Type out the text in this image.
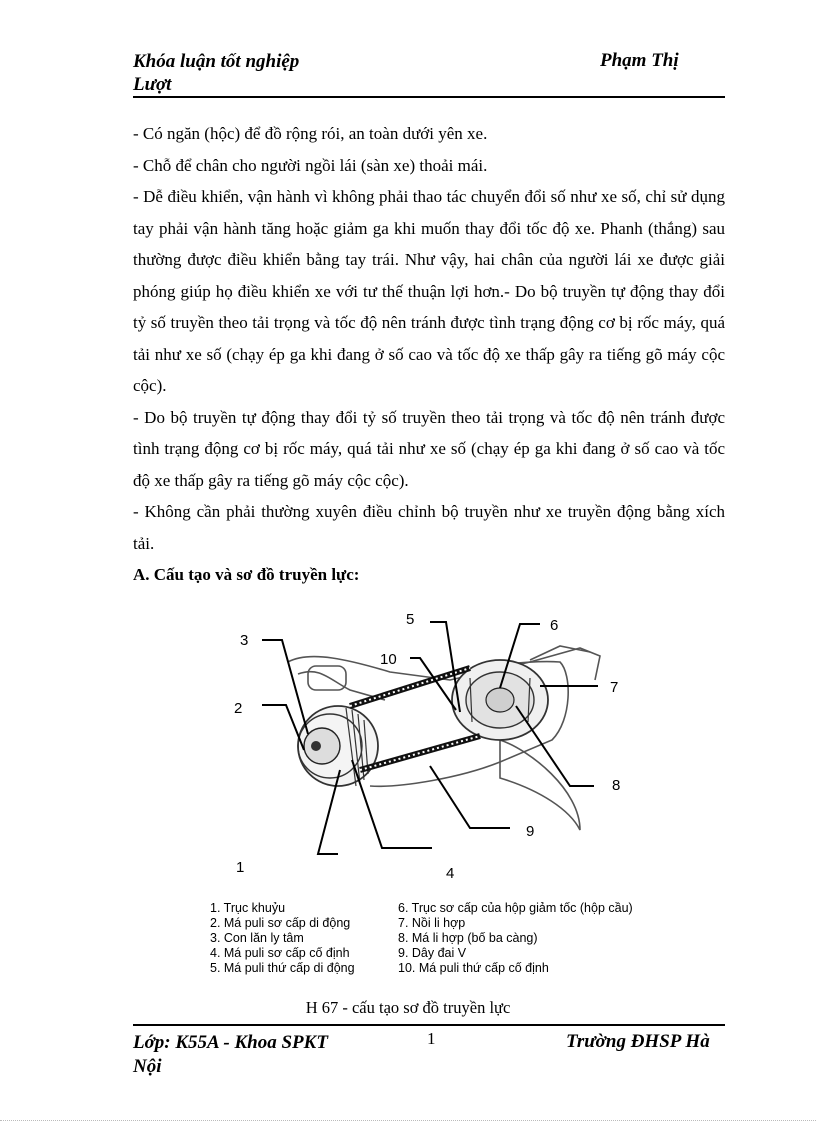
Khóa luận tốt nghiệp
Lượt
Phạm Thị

- Có ngăn (hộc) để đồ rộng rói, an toàn dưới yên xe.

- Chỗ để chân cho người ngồi lái (sàn xe) thoải mái.

- Dễ điều khiển, vận hành vì không phải thao tác chuyển đổi số như xe số, chỉ sử dụng tay phải vận hành tăng hoặc giảm ga khi muốn thay đổi tốc độ xe. Phanh (thắng) sau thường được điều khiển bằng tay trái. Như vậy, hai chân của người lái xe được giải phóng giúp họ điều khiển xe với tư thế thuận lợi hơn.- Do bộ truyền tự động thay đổi tỷ số truyền theo tải trọng và tốc độ nên tránh được tình trạng động cơ bị rốc máy, quá tải như xe số (chạy ép ga khi đang ở số cao và tốc độ xe thấp gây ra tiếng gõ máy cộc cộc).

- Do bộ truyền tự động thay đổi tỷ số truyền theo tải trọng và tốc độ nên tránh được tình trạng động cơ bị rốc máy, quá tải như xe số (chạy ép ga khi đang ở số cao và tốc độ xe thấp gây ra tiếng gõ máy cộc cộc).

- Không cần phải thường xuyên điều chỉnh bộ truyền như xe truyền động bằng xích tải.

A. Cấu tạo và sơ đồ truyền lực:

1
2
3
4
5	6
7
8
9
10
1. Trục khuỷu
2. Má puli sơ cấp di động
3. Con lăn ly tâm
4. Má puli sơ cấp cố định
5. Má puli thứ cấp di động
6. Trục sơ cấp của hộp giảm tốc (hộp cầu)
7. Nồi li hợp
8. Má li hợp (bố ba càng)
9. Dây đai V
10. Má puli thứ cấp cố định
H 67 - cấu tạo sơ đồ truyền lực
Lớp: K55A - Khoa SPKT
Nội
1	Trường ĐHSP Hà
